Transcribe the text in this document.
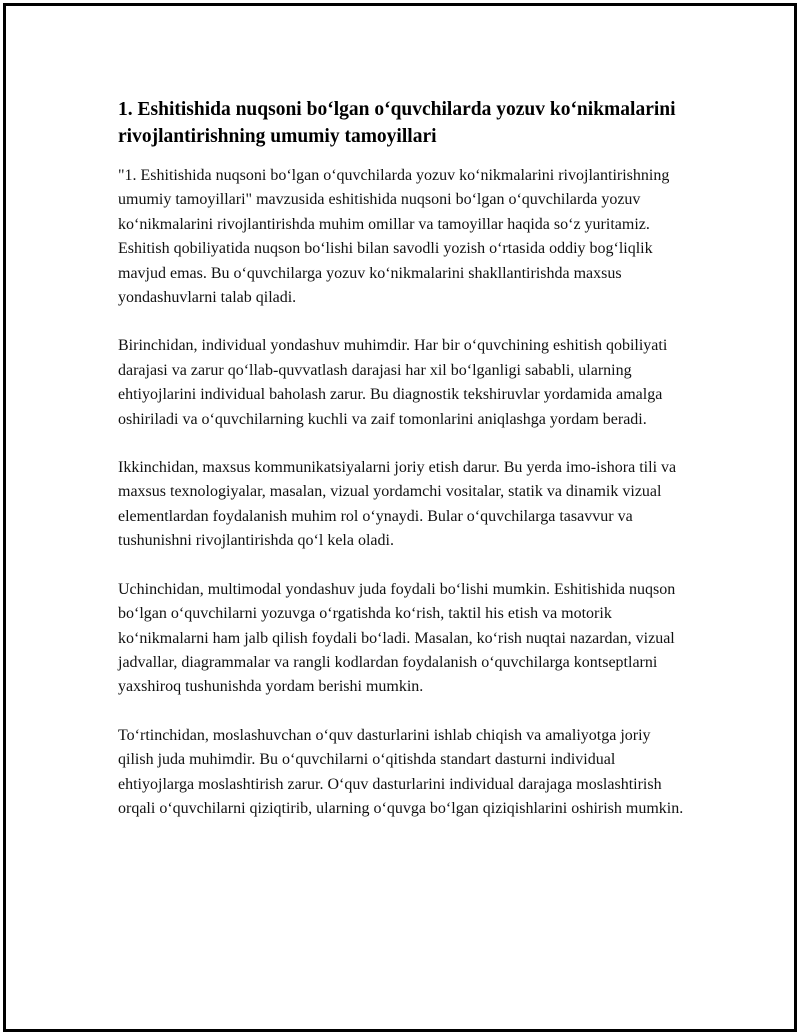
1. Eshitishida nuqsoni bo‘lgan o‘quvchilarda yozuv ko‘nikmalarini rivojlantirishning umumiy tamoyillari

"1. Eshitishida nuqsoni bo‘lgan o‘quvchilarda yozuv ko‘nikmalarini rivojlantirishning umumiy tamoyillari" mavzusida eshitishida nuqsoni bo‘lgan o‘quvchilarda yozuv ko‘nikmalarini rivojlantirishda muhim omillar va tamoyillar haqida so‘z yuritamiz. Eshitish qobiliyatida nuqson bo‘lishi bilan savodli yozish o‘rtasida oddiy bog‘liqlik mavjud emas. Bu o‘quvchilarga yozuv ko‘nikmalarini shakllantirishda maxsus yondashuvlarni talab qiladi.

Birinchidan, individual yondashuv muhimdir. Har bir o‘quvchining eshitish qobiliyati darajasi va zarur qo‘llab-quvvatlash darajasi har xil bo‘lganligi sababli, ularning ehtiyojlarini individual baholash zarur. Bu diagnostik tekshiruvlar yordamida amalga oshiriladi va o‘quvchilarning kuchli va zaif tomonlarini aniqlashga yordam beradi.

Ikkinchidan, maxsus kommunikatsiyalarni joriy etish darur. Bu yerda imo-ishora tili va maxsus texnologiyalar, masalan, vizual yordamchi vositalar, statik va dinamik vizual elementlardan foydalanish muhim rol o‘ynaydi. Bular o‘quvchilarga tasavvur va tushunishni rivojlantirishda qo‘l kela oladi.

Uchinchidan, multimodal yondashuv juda foydali bo‘lishi mumkin. Eshitishida nuqson bo‘lgan o‘quvchilarni yozuvga o‘rgatishda ko‘rish, taktil his etish va motorik ko‘nikmalarni ham jalb qilish foydali bo‘ladi. Masalan, ko‘rish nuqtai nazardan, vizual jadvallar, diagrammalar va rangli kodlardan foydalanish o‘quvchilarga kontseptlarni yaxshiroq tushunishda yordam berishi mumkin.

To‘rtinchidan, moslashuvchan o‘quv dasturlarini ishlab chiqish va amaliyotga joriy qilish juda muhimdir. Bu o‘quvchilarni o‘qitishda standart dasturni individual ehtiyojlarga moslashtirish zarur. O‘quv dasturlarini individual darajaga moslashtirish orqali o‘quvchilarni qiziqtirib, ularning o‘quvga bo‘lgan qiziqishlarini oshirish mumkin.
